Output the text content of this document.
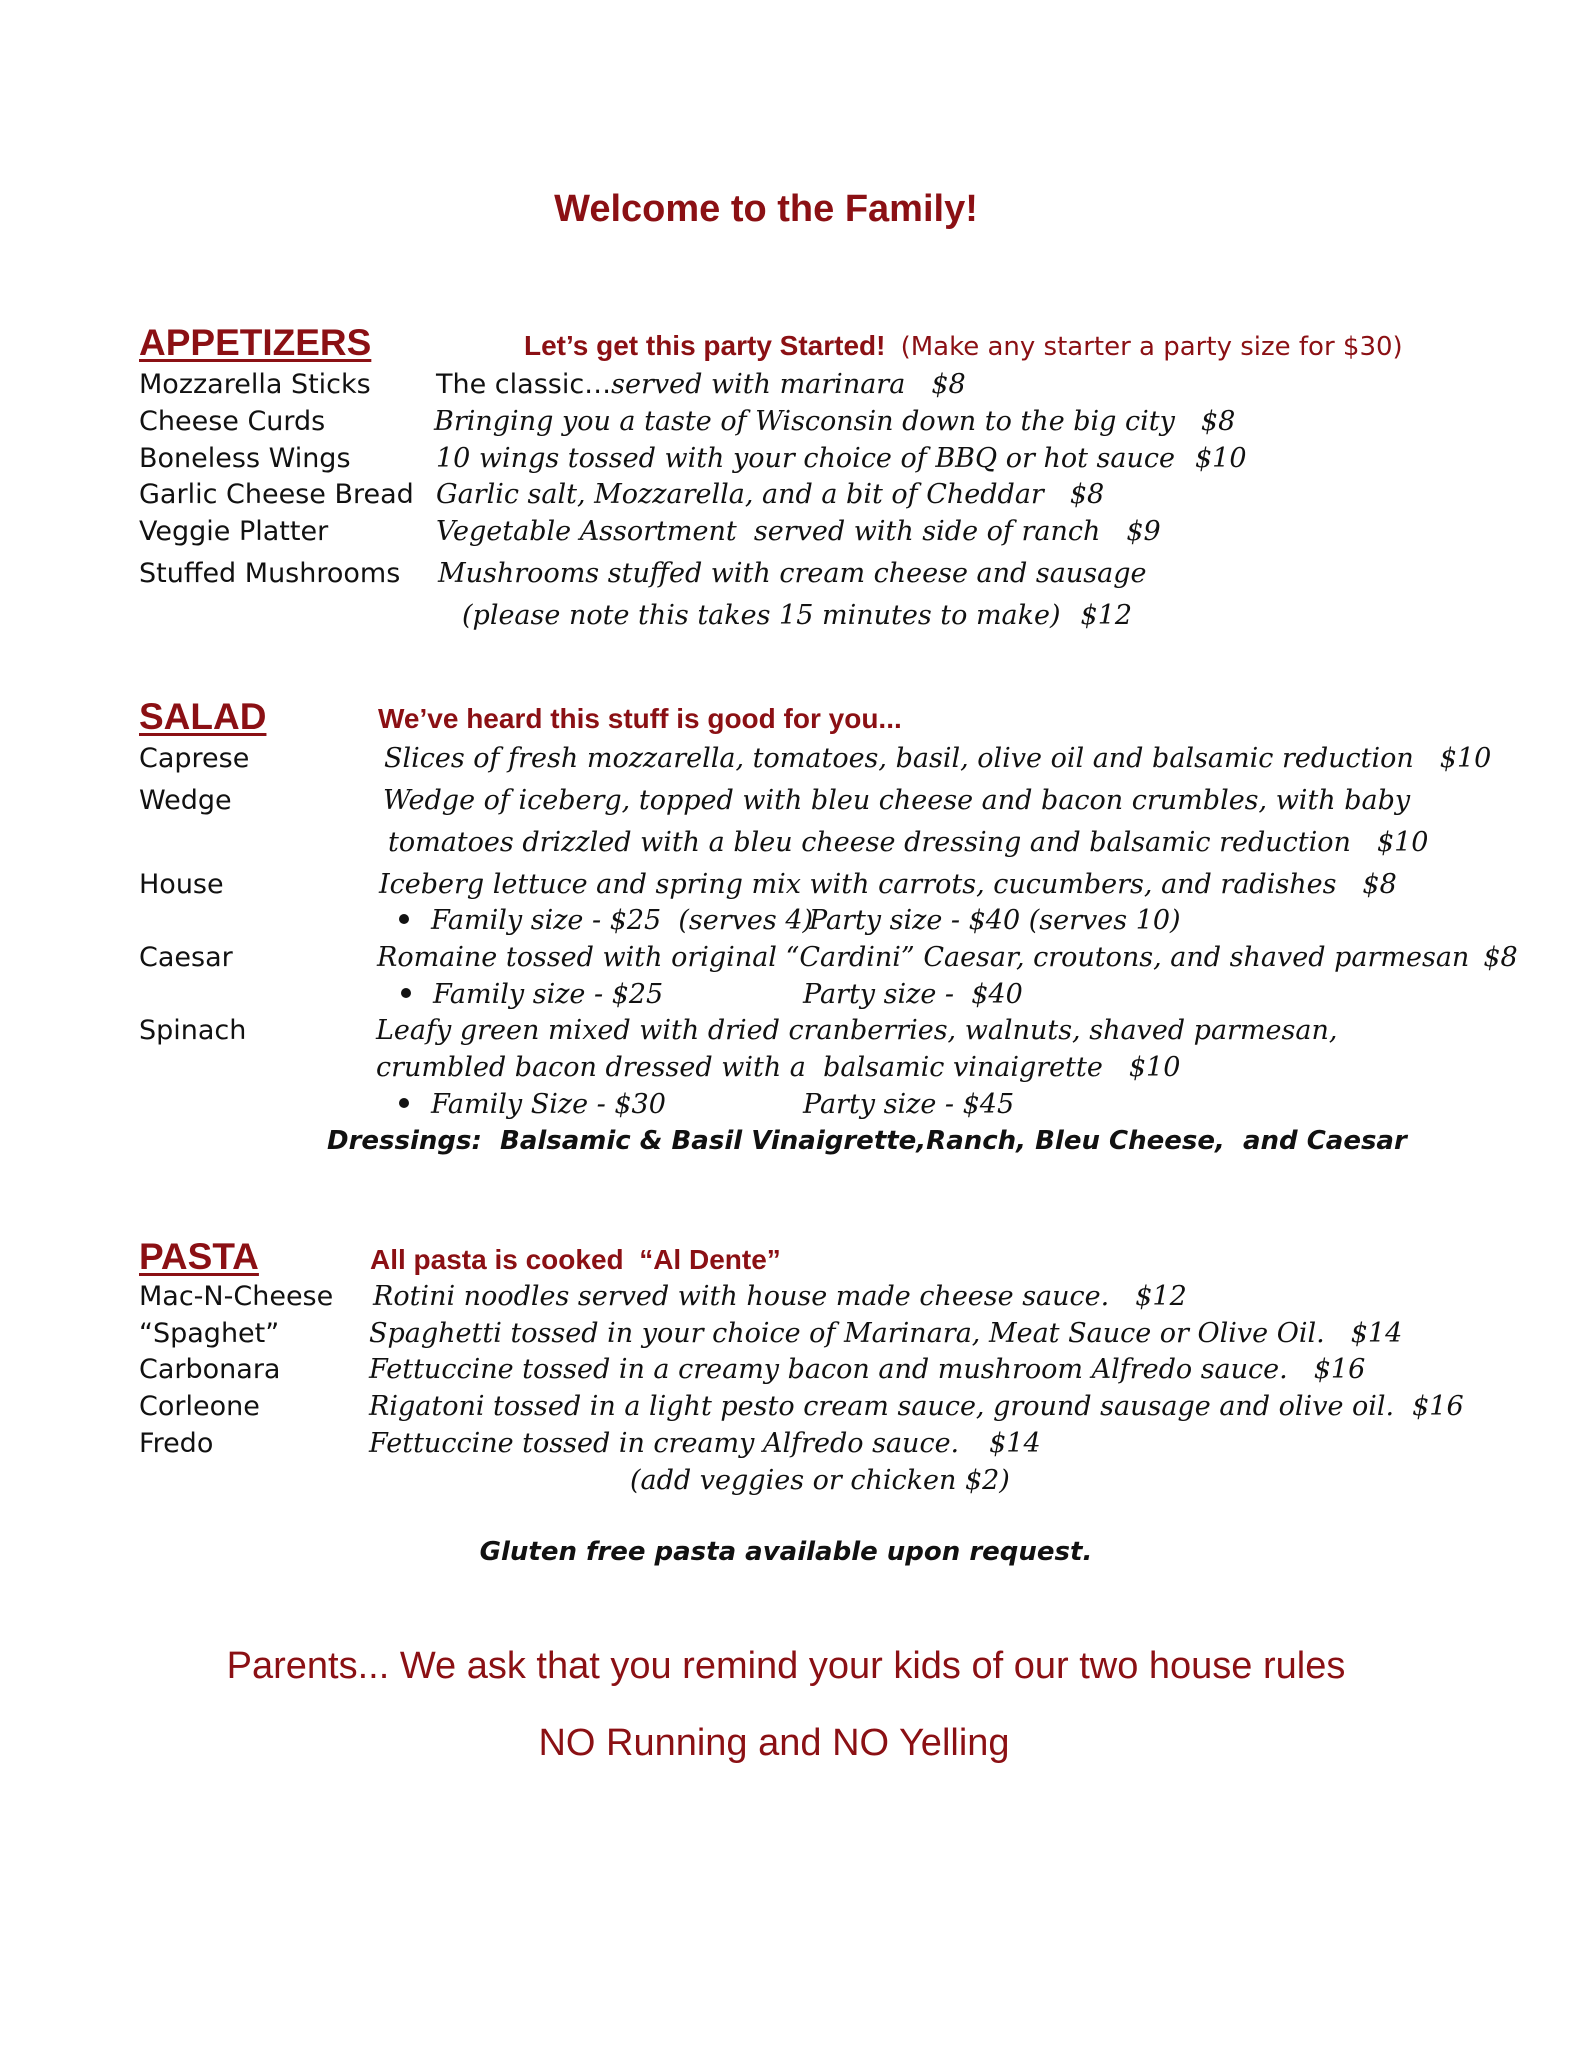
Welcome to the Family!
APPETIZERS	Let’s get this party Started! (Make any starter a party size for $30)
Mozzarella Sticks The classic…served with marinara $8
Cheese Curds	Bringing you a taste of Wisconsin down to the big city $8
Boneless Wings	10 wings tossed with your choice of BBQ or hot sauce $10
Garlic Cheese Bread Garlic salt, Mozzarella, and a bit of Cheddar $8
Veggie Platter	Vegetable Assortment  served with side of ranch $9
Stuffed Mushrooms Mushrooms stuffed with cream cheese and sausage
(please note this takes 15 minutes to make) $12
SALAD	We’ve heard this stuff is good for you...
Caprese	Slices of fresh mozzarella, tomatoes, basil, olive oil and balsamic reduction $10
Wedge	Wedge of iceberg, topped with bleu cheese and bacon crumbles, with baby
tomatoes drizzled with a bleu cheese dressing and balsamic reduction $10
House	Iceberg lettuce and spring mix with carrots, cucumbers, and radishes $8
Family size - $25  (serves 4)Party size - $40 (serves 10)
Caesar	Romaine tossed with original “Cardini” Caesar, croutons, and shaved parmesan $8
Family size - $25	Party size -  $40
Spinach	Leafy green mixed with dried cranberries, walnuts, shaved parmesan,
crumbled bacon dressed with a  balsamic vinaigrette $10
Family Size - $30	Party size - $45
Dressings:  Balsamic & Basil Vinaigrette,Ranch, Bleu Cheese,  and Caesar
PASTA	All pasta is cooked  “Al Dente”
Mac-N-Cheese Rotini noodles served with house made cheese sauce. $12
“Spaghet”	Spaghetti tossed in your choice of Marinara, Meat Sauce or Olive Oil. $14
Carbonara	Fettuccine tossed in a creamy bacon and mushroom Alfredo sauce. $16
Corleone	Rigatoni tossed in a light pesto cream sauce, ground sausage and olive oil. $16
Fredo	Fettuccine tossed in creamy Alfredo sauce. $14
(add veggies or chicken $2)
Gluten free pasta available upon request.
Parents... We ask that you remind your kids of our two house rules
NO Running and NO Yelling
